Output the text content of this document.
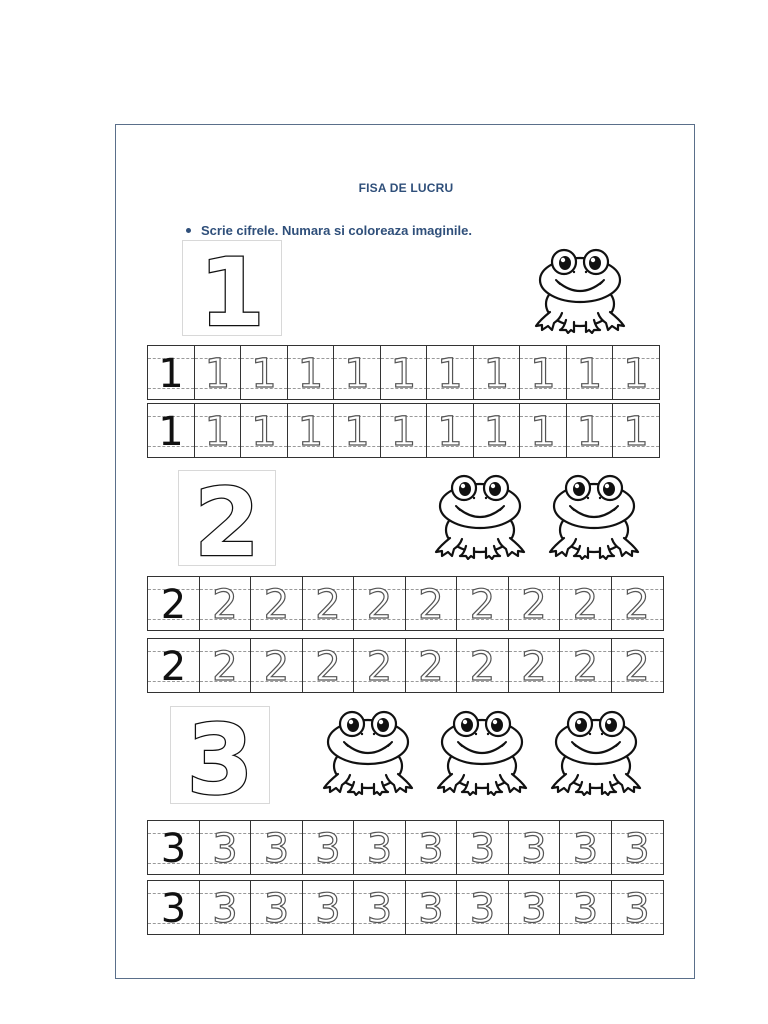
FISA DE LUCRU
Scrie cifrele. Numara si coloreaza imaginile.
1
1 1 1 1 1 1 1 1 1 1 1
1 1 1 1 1 1 1 1 1 1 1
2
2 2 2 2 2 2 2 2 2 2
2 2 2 2 2 2 2 2 2 2
3
3 3 3 3 3 3 3 3 3 3
3 3 3 3 3 3 3 3 3 3
